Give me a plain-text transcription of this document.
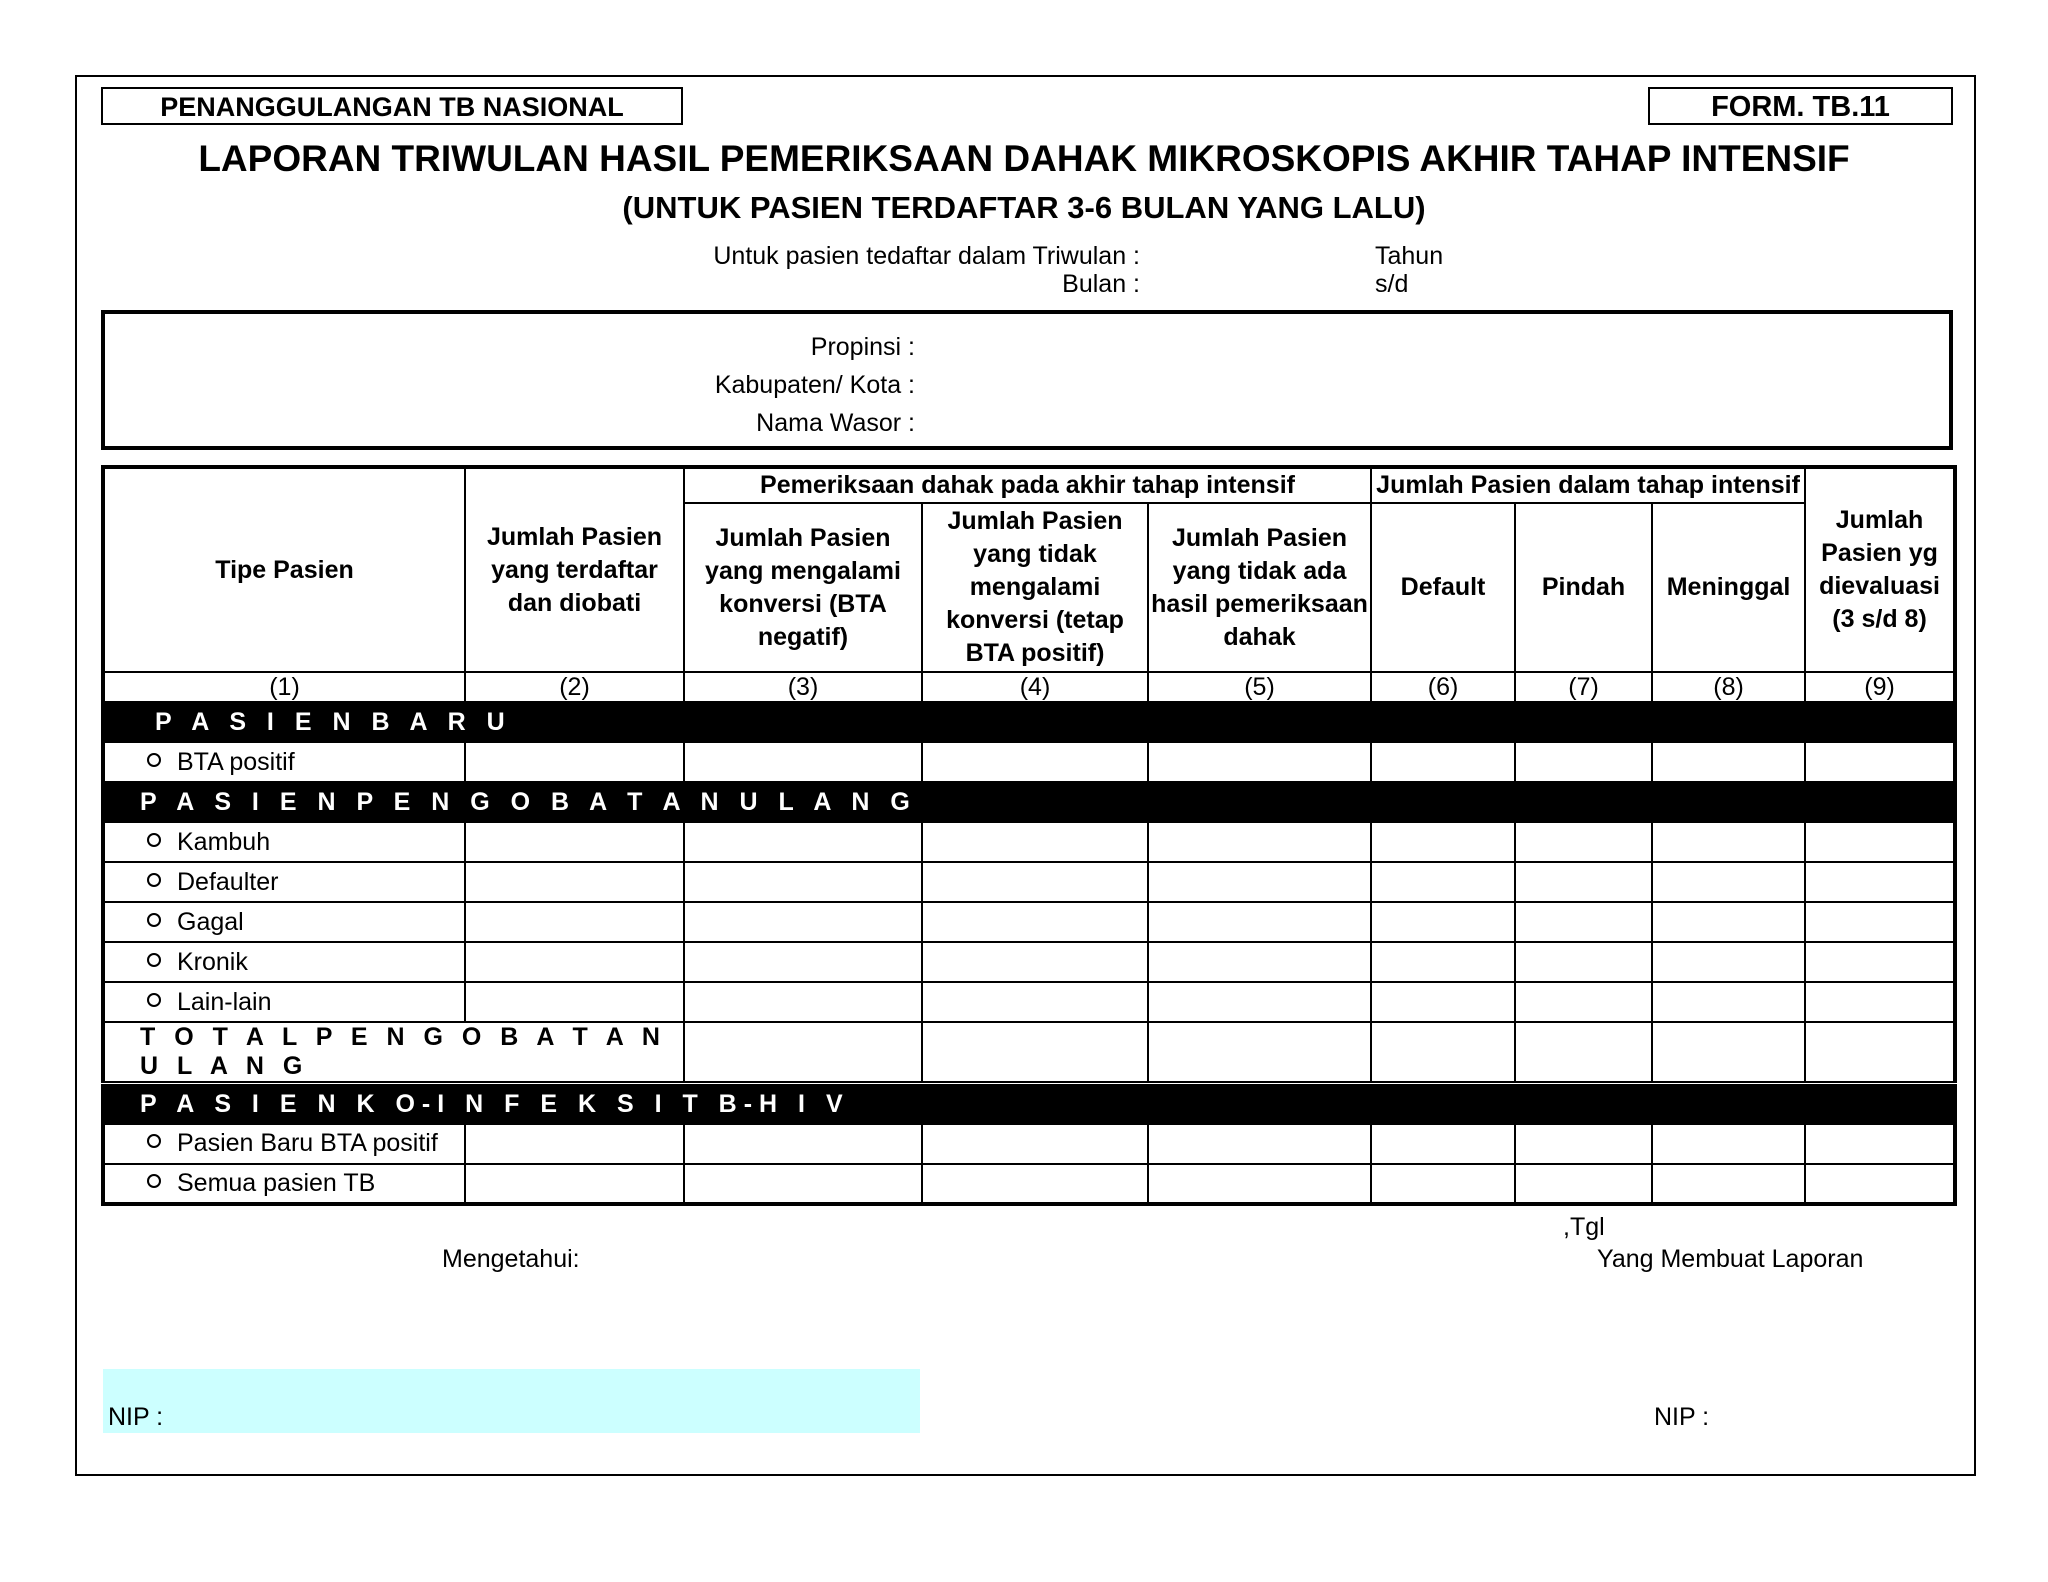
PENANGGULANGAN TB NASIONAL	FORM. TB.11
LAPORAN TRIWULAN HASIL PEMERIKSAAN DAHAK MIKROSKOPIS AKHIR TAHAP INTENSIF
(UNTUK PASIEN TERDAFTAR 3-6 BULAN YANG LALU)
Untuk pasien tedaftar dalam Triwulan :
Bulan :
Tahun
s/d
Propinsi :
Kabupaten/ Kota :
Nama Wasor :
Tipe Pasien	Jumlah Pasien yang terdaftar dan diobati	Pemeriksaan dahak pada akhir tahap intensif			Jumlah Pasien dalam tahap intensif			Jumlah Pasien yg dievaluasi (3 s/d 8)
		Jumlah Pasien yang mengalami konversi (BTA negatif)	Jumlah Pasien yang tidak mengalami konversi (tetap BTA positif)	Jumlah Pasien yang tidak ada hasil pemeriksaan dahak	Default	Pindah	Meninggal	
(1)	(2)	(3)	(4)	(5)	(6)	(7)	(8)	(9)
P A S I E N B A R U								
BTA positif								
P A S I E N P E N G O B A T A N U L A N G								
Kambuh								
Defaulter								
Gagal								
Kronik								
Lain-lain								
T O T A L P E N G O B A T A N U L A N G								
P A S I E N K O-I N F E K S I T B-H I V								
Pasien Baru BTA positif								
Semua pasien TB								
,Tgl
Mengetahui:	Yang Membuat Laporan
NIP :	NIP :
